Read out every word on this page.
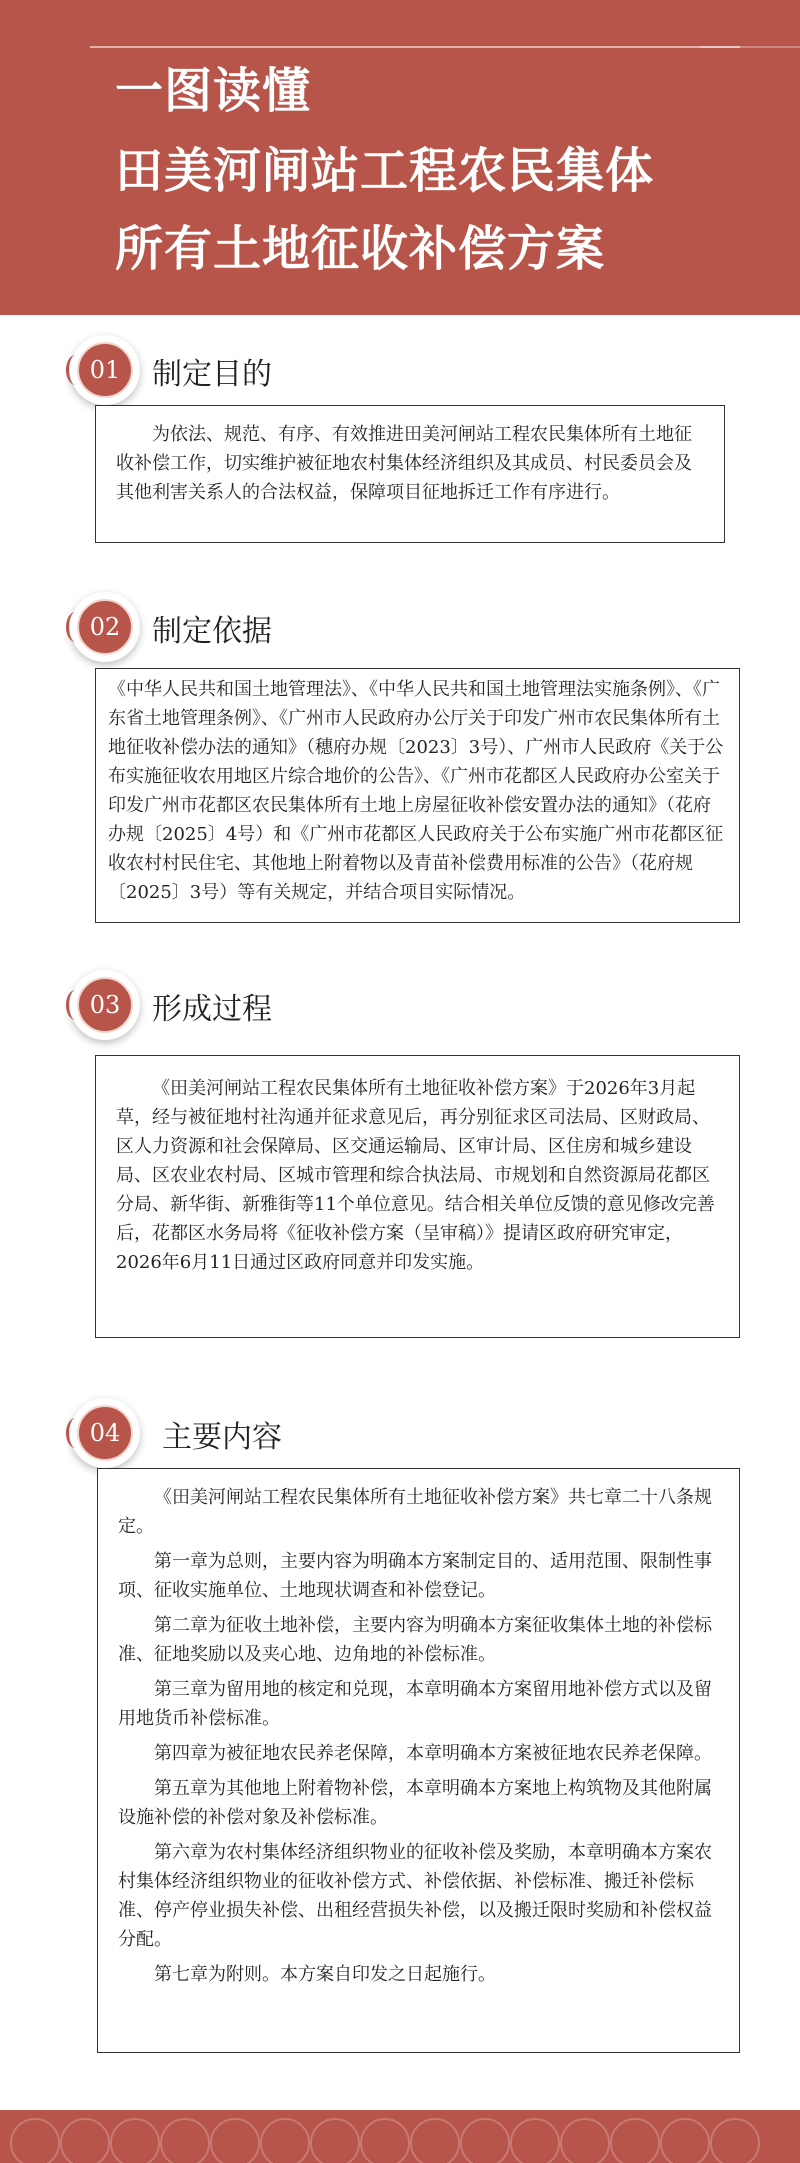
一图读懂
田美河闸站工程农民集体
所有土地征收补偿方案
01	制定目的

为依法、规范、有序、有效推进田美河闸站工程农民集体所有土地征收补偿工作，切实维护被征地农村集体经济组织及其成员、村民委员会及其他利害关系人的合法权益，保障项目征地拆迁工作有序进行。

02	制定依据

《中华人民共和国土地管理法》、《中华人民共和国土地管理法实施条例》、《广东省土地管理条例》、《广州市人民政府办公厅关于印发广州市农民集体所有土地征收补偿办法的通知》（穗府办规〔2023〕3号）、广州市人民政府《关于公布实施征收农用地区片综合地价的公告》、《广州市花都区人民政府办公室关于印发广州市花都区农民集体所有土地上房屋征收补偿安置办法的通知》（花府办规〔2025〕4号）和《广州市花都区人民政府关于公布实施广州市花都区征收农村村民住宅、其他地上附着物以及青苗补偿费用标准的公告》（花府规〔2025〕3号）等有关规定，并结合项目实际情况。

03	形成过程

《田美河闸站工程农民集体所有土地征收补偿方案》于2026年3月起草，经与被征地村社沟通并征求意见后，再分别征求区司法局、区财政局、区人力资源和社会保障局、区交通运输局、区审计局、区住房和城乡建设局、区农业农村局、区城市管理和综合执法局、市规划和自然资源局花都区分局、新华街、新雅街等11个单位意见。结合相关单位反馈的意见修改完善后，花都区水务局将《征收补偿方案（呈审稿）》提请区政府研究审定，2026年6月11日通过区政府同意并印发实施。

04	主要内容

《田美河闸站工程农民集体所有土地征收补偿方案》共七章二十八条规定。

第一章为总则，主要内容为明确本方案制定目的、适用范围、限制性事项、征收实施单位、土地现状调查和补偿登记。

第二章为征收土地补偿，主要内容为明确本方案征收集体土地的补偿标准、征地奖励以及夹心地、边角地的补偿标准。

第三章为留用地的核定和兑现，本章明确本方案留用地补偿方式以及留用地货币补偿标准。

第四章为被征地农民养老保障，本章明确本方案被征地农民养老保障。

第五章为其他地上附着物补偿，本章明确本方案地上构筑物及其他附属设施补偿的补偿对象及补偿标准。

第六章为农村集体经济组织物业的征收补偿及奖励，本章明确本方案农村集体经济组织物业的征收补偿方式、补偿依据、补偿标准、搬迁补偿标准、停产停业损失补偿、出租经营损失补偿，以及搬迁限时奖励和补偿权益分配。

第七章为附则。本方案自印发之日起施行。
